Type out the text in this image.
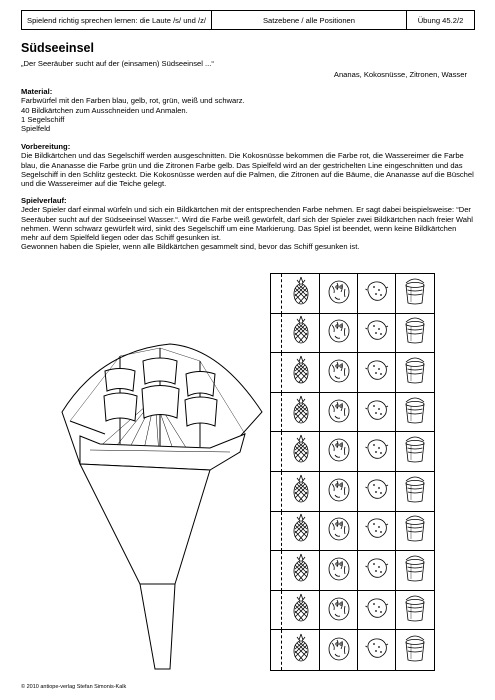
Spielend richtig sprechen lernen: die Laute /s/ und /z/	Satzebene / alle Positionen	Übung 45.2/2
Südseeinsel
„Der Seeräuber sucht auf der (einsamen) Südseeinsel ...“
Ananas, Kokosnüsse, Zitronen, Wasser
Material:
Farbwürfel mit den Farben blau, gelb, rot, grün, weiß und schwarz.
40 Bildkärtchen zum Ausschneiden und Anmalen.
1 Segelschiff
Spielfeld
Vorbereitung:

Die Bildkärtchen und das Segelschiff werden ausgeschnitten. Die Kokosnüsse bekommen die Farbe rot, die Wassereimer die Farbe blau, die Ananasse die Farbe grün und die Zitronen Farbe gelb. Das Spielfeld wird an der gestrichelten Line eingeschnitten und das Segelschiff in den Schlitz gesteckt. Die Kokosnüsse werden auf die Palmen, die Zitronen auf die Bäume, die Ananasse auf die Büschel und die Wassereimer auf die Teiche gelegt.

Spielverlauf:

Jeder Spieler darf einmal würfeln und sich ein Bildkärtchen mit der entsprechenden Farbe nehmen. Er sagt dabei beispielsweise: “Der Seeräuber sucht auf der Südseeinsel Wasser.“. Wird die Farbe weiß gewürfelt, darf sich der Spieler zwei Bildkärtchen nach freier Wahl nehmen. Wenn schwarz gewürfelt wird, sinkt des Segelschiff um eine Markierung. Das Spiel ist beendet, wenn keine Bildkärtchen mehr auf dem Spielfeld liegen oder das Schiff gesunken ist.

Gewonnen haben die Spieler, wenn alle Bildkärtchen gesammelt sind, bevor das Schiff gesunken ist.

© 2010 antiope-verlag Stefan Simonis-Kalk
